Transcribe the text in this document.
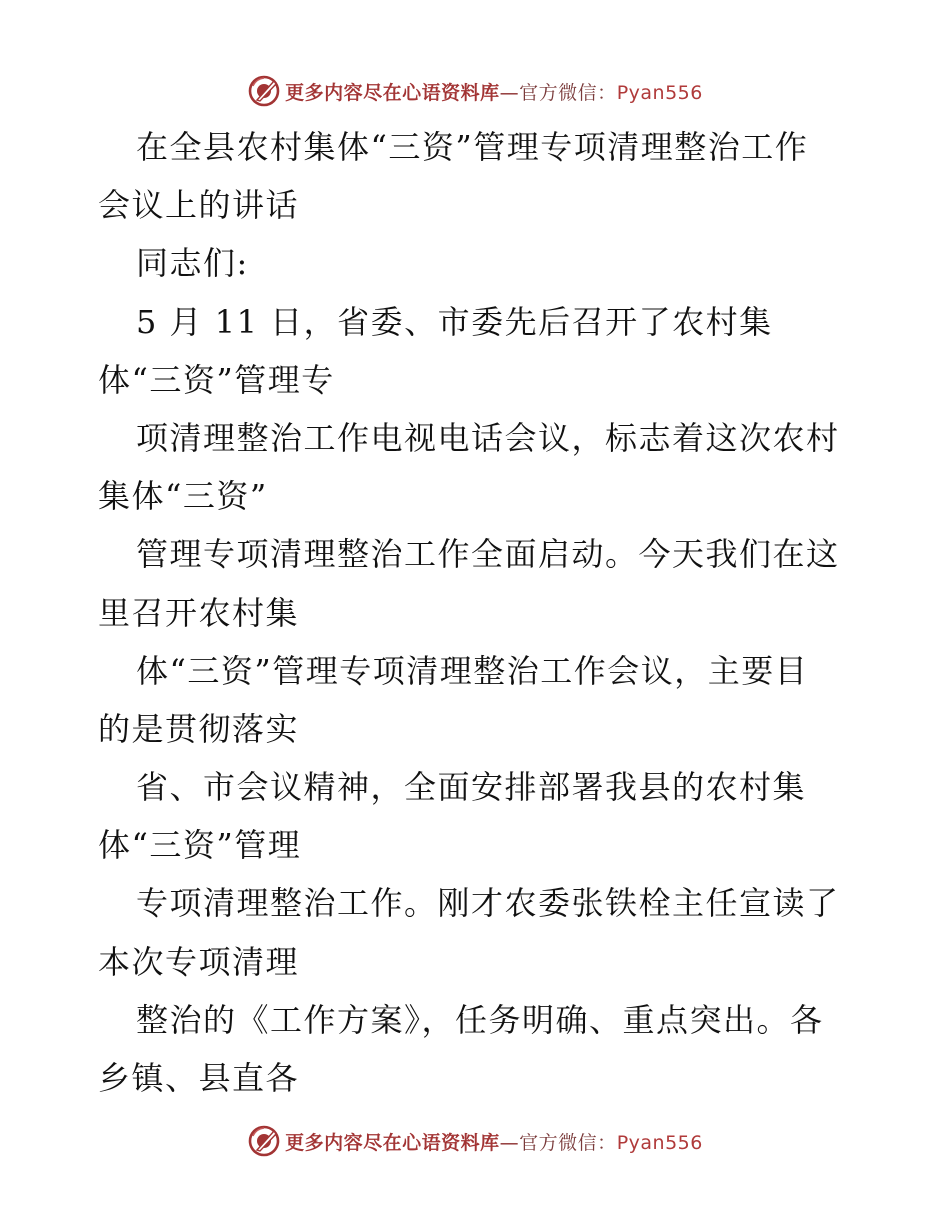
更多内容尽在心语资料库—官方微信：Pyan556
在全县农村集体“三资”管理专项清理整治工作
会议上的讲话
同志们:
5 月 11 日，省委、市委先后召开了农村集
体“三资”管理专
项清理整治工作电视电话会议，标志着这次农村
集体“三资”
管理专项清理整治工作全面启动。今天我们在这
里召开农村集
体“三资”管理专项清理整治工作会议，主要目
的是贯彻落实
省、市会议精神，全面安排部署我县的农村集
体“三资”管理
专项清理整治工作。刚才农委张铁栓主任宣读了
本次专项清理
整治的《工作方案》，任务明确、重点突出。各
乡镇、县直各
更多内容尽在心语资料库—官方微信：Pyan556
